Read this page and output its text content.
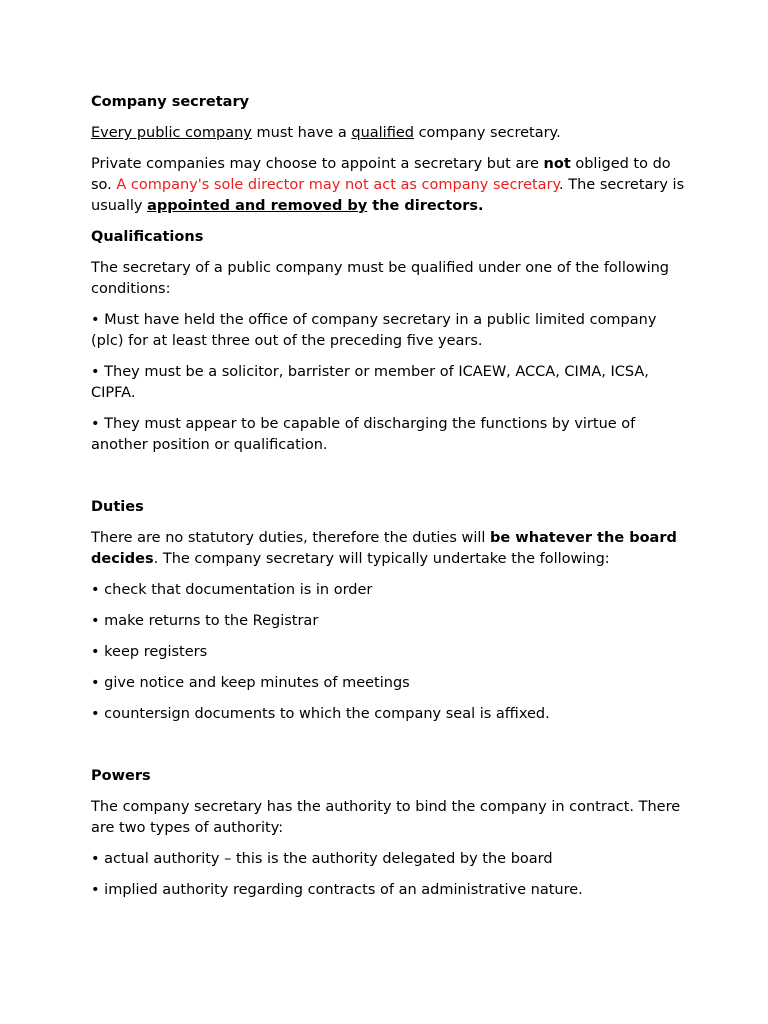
Company secretary

Every public company must have a qualified company secretary.

Private companies may choose to appoint a secretary but are not obliged to do so. A company's sole director may not act as company secretary. The secretary is usually appointed and removed by the directors.

Qualifications

The secretary of a public company must be qualified under one of the following conditions:

• Must have held the office of company secretary in a public limited company (plc) for at least three out of the preceding five years.

• They must be a solicitor, barrister or member of ICAEW, ACCA, CIMA, ICSA, CIPFA.

• They must appear to be capable of discharging the functions by virtue of another position or qualification.

Duties

There are no statutory duties, therefore the duties will be whatever the board decides. The company secretary will typically undertake the following:

• check that documentation is in order

• make returns to the Registrar

• keep registers

• give notice and keep minutes of meetings

• countersign documents to which the company seal is affixed.

Powers

The company secretary has the authority to bind the company in contract. There are two types of authority:

• actual authority – this is the authority delegated by the board

• implied authority regarding contracts of an administrative nature.
